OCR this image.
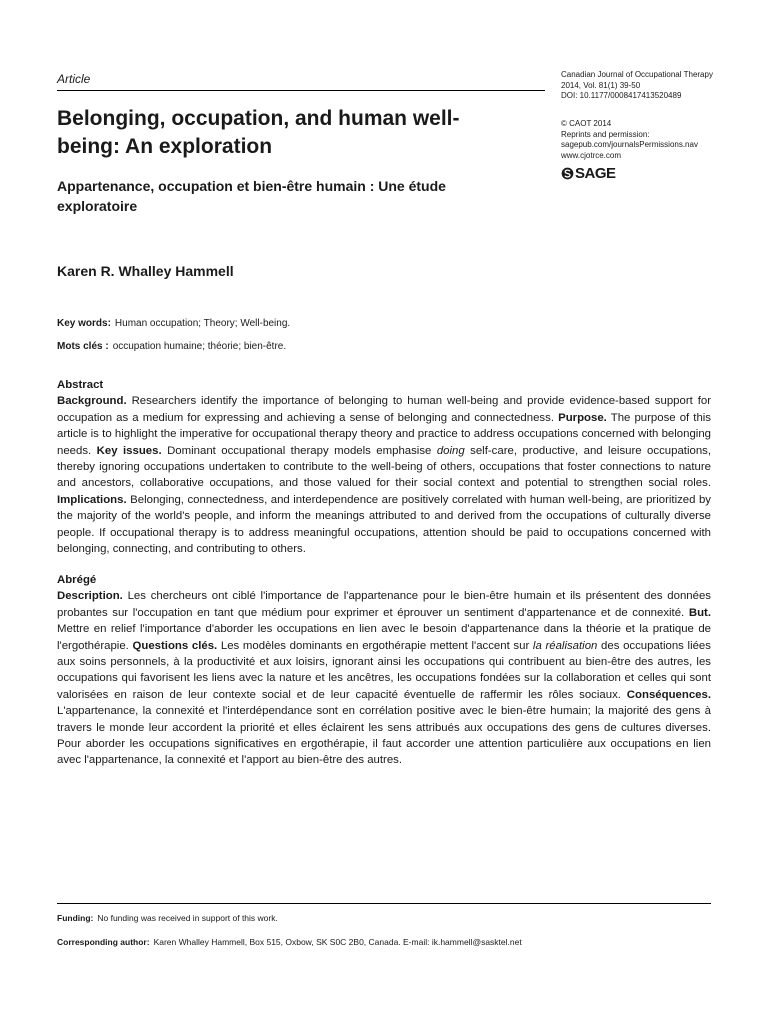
Article	Canadian Journal of Occupational Therapy
2014, Vol. 81(1) 39-50
DOI: 10.1177/0008417413520489
© CAOT 2014
Reprints and permission:
sagepub.com/journalsPermissions.nav
www.cjotrce.com
SAGE
Belonging, occupation, and human well-being: An exploration
Appartenance, occupation et bien-être humain : Une étude exploratoire
Karen R. Whalley Hammell
Key words: Human occupation; Theory; Well-being.
Mots clés : occupation humaine; théorie; bien-être.
Abstract

Background. Researchers identify the importance of belonging to human well-being and provide evidence-based support for occupation as a medium for expressing and achieving a sense of belonging and connectedness. Purpose. The purpose of this article is to highlight the imperative for occupational therapy theory and practice to address occupations concerned with belonging needs. Key issues. Dominant occupational therapy models emphasise doing self-care, productive, and leisure occupations, thereby ignoring occupations undertaken to contribute to the well-being of others, occupations that foster connections to nature and ancestors, collaborative occupations, and those valued for their social context and potential to strengthen social roles. Implications. Belonging, connectedness, and interdependence are positively correlated with human well-being, are prioritized by the majority of the world's people, and inform the meanings attributed to and derived from the occupations of culturally diverse people. If occupational therapy is to address meaningful occupations, attention should be paid to occupations concerned with belonging, connecting, and contributing to others.

Abrégé

Description. Les chercheurs ont ciblé l'importance de l'appartenance pour le bien-être humain et ils présentent des données probantes sur l'occupation en tant que médium pour exprimer et éprouver un sentiment d'appartenance et de connexité. But. Mettre en relief l'importance d'aborder les occupations en lien avec le besoin d'appartenance dans la théorie et la pratique de l'ergothérapie. Questions clés. Les modèles dominants en ergothérapie mettent l'accent sur la réalisation des occupations liées aux soins personnels, à la productivité et aux loisirs, ignorant ainsi les occupations qui contribuent au bien-être des autres, les occupations qui favorisent les liens avec la nature et les ancêtres, les occupations fondées sur la collaboration et celles qui sont valorisées en raison de leur contexte social et de leur capacité éventuelle de raffermir les rôles sociaux. Conséquences. L'appartenance, la connexité et l'interdépendance sont en corrélation positive avec le bien-être humain; la majorité des gens à travers le monde leur accordent la priorité et elles éclairent les sens attribués aux occupations des gens de cultures diverses. Pour aborder les occupations significatives en ergothérapie, il faut accorder une attention particulière aux occupations en lien avec l'appartenance, la connexité et l'apport au bien-être des autres.

Funding: No funding was received in support of this work.
Corresponding author: Karen Whalley Hammell, Box 515, Oxbow, SK S0C 2B0, Canada. E-mail: ik.hammell@sasktel.net
